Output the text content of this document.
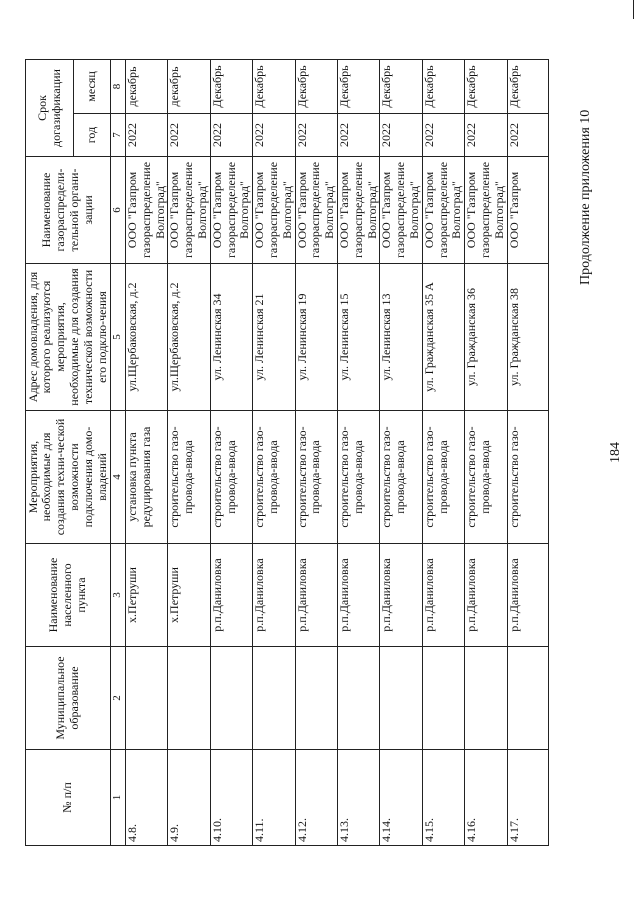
184
Продолжение приложения 10
№ п/п	Муниципальное образование	Наименование населенного пункта	Мероприятия, необходимые для создания техни-ческой возможности подключения домо-владений	Адрес домовладения, для которого реализуются мероприятия, необходимые для создания технической возможности его подклю-чения	Наименование газораспредели-тельной органи-зации	Срок догазификации	
						год	месяц
1	2	3	4	5	6	7	8
4.8.		х.Петруши	установка пункта редуцирования газа	ул.Щербаковская, д.2	ООО "Газпром газораспределение Волгоград"	2022	декабрь
4.9.		х.Петруши	строительство газо-провода-ввода	ул.Щербаковская, д.2	ООО "Газпром газораспределение Волгоград"	2022	декабрь
4.10.		р.п.Даниловка	строительство газо-провода-ввода	ул. Ленинская 34	ООО "Газпром газораспределение Волгоград"	2022	Декабрь
4.11.		р.п.Даниловка	строительство газо-провода-ввода	ул. Ленинская 21	ООО "Газпром газораспределение Волгоград"	2022	Декабрь
4.12.		р.п.Даниловка	строительство газо-провода-ввода	ул. Ленинская 19	ООО "Газпром газораспределение Волгоград"	2022	Декабрь
4.13.		р.п.Даниловка	строительство газо-провода-ввода	ул. Ленинская 15	ООО "Газпром газораспределение Волгоград"	2022	Декабрь
4.14.		р.п.Даниловка	строительство газо-провода-ввода	ул. Ленинская 13	ООО "Газпром газораспределение Волгоград"	2022	Декабрь
4.15.		р.п.Даниловка	строительство газо-провода-ввода	ул. Гражданская 35 А	ООО "Газпром газораспределение Волгоград"	2022	Декабрь
4.16.		р.п.Даниловка	строительство газо-провода-ввода	ул. Гражданская 36	ООО "Газпром газораспределение Волгоград"	2022	Декабрь
4.17.		р.п.Даниловка	строительство газо-	ул. Гражданская 38	ООО "Газпром	2022	Декабрь
